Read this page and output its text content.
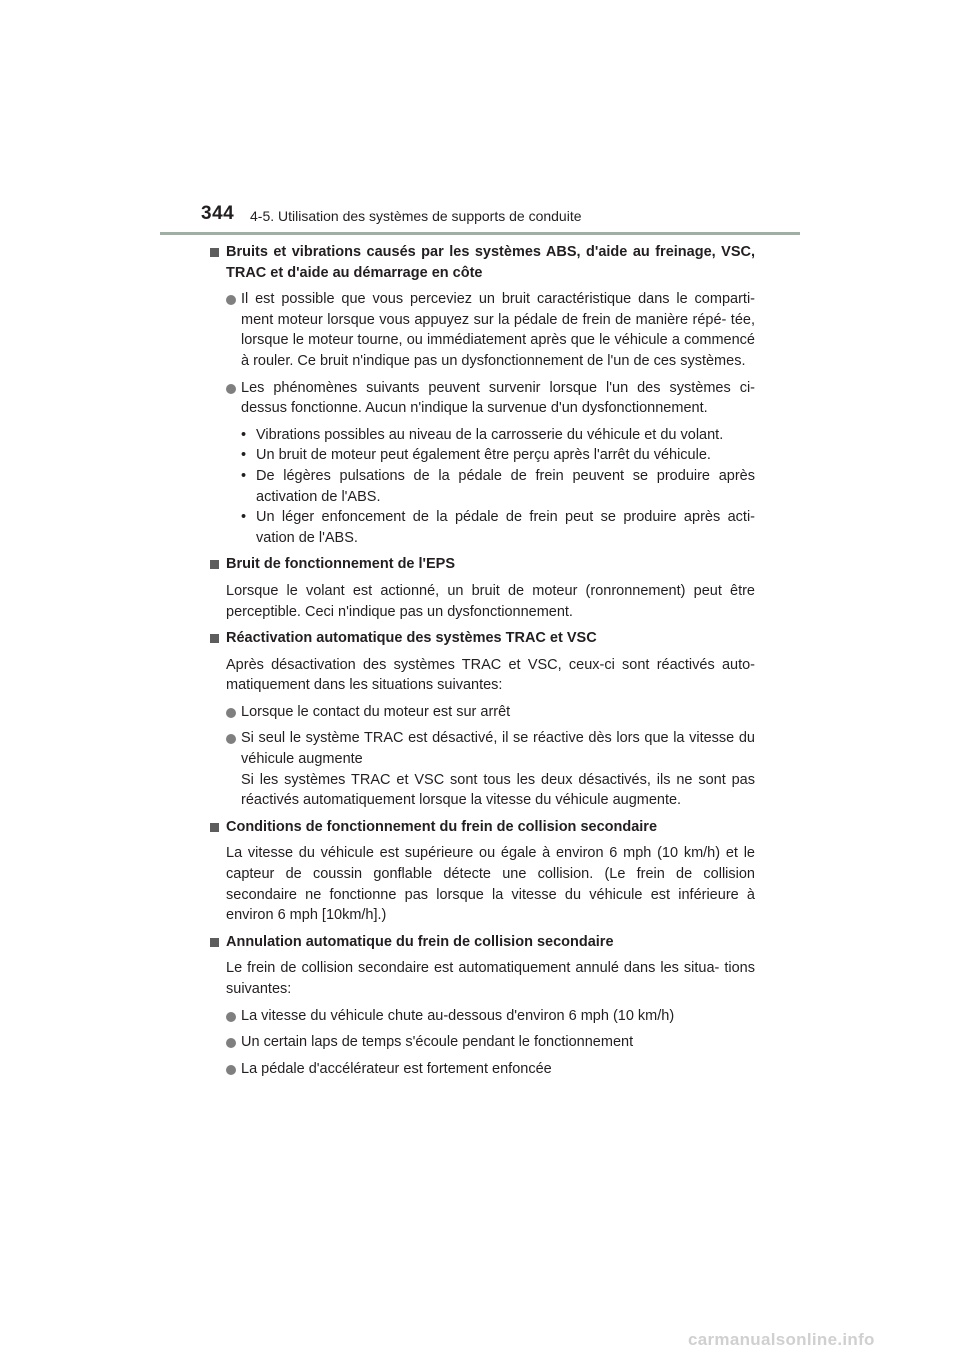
344 4-5. Utilisation des systèmes de supports de conduite
Bruits et vibrations causés par les systèmes ABS, d'aide au freinage, VSC, TRAC et d'aide au démarrage en côte
Il est possible que vous perceviez un bruit caractéristique dans le comparti- ment moteur lorsque vous appuyez sur la pédale de frein de manière répé- tée, lorsque le moteur tourne, ou immédiatement après que le véhicule a commencé à rouler. Ce bruit n'indique pas un dysfonctionnement de l'un de ces systèmes.
Les phénomènes suivants peuvent survenir lorsque l'un des systèmes ci- dessus fonctionne. Aucun n'indique la survenue d'un dysfonctionnement.
• Vibrations possibles au niveau de la carrosserie du véhicule et du volant.
• Un bruit de moteur peut également être perçu après l'arrêt du véhicule.
• De légères pulsations de la pédale de frein peuvent se produire après activation de l'ABS.
• Un léger enfoncement de la pédale de frein peut se produire après acti- vation de l'ABS.
Bruit de fonctionnement de l'EPS
Lorsque le volant est actionné, un bruit de moteur (ronronnement) peut être perceptible. Ceci n'indique pas un dysfonctionnement.
Réactivation automatique des systèmes TRAC et VSC
Après désactivation des systèmes TRAC et VSC, ceux-ci sont réactivés auto- matiquement dans les situations suivantes:
Lorsque le contact du moteur est sur arrêt
Si seul le système TRAC est désactivé, il se réactive dès lors que la vitesse du véhicule augmente
Si les systèmes TRAC et VSC sont tous les deux désactivés, ils ne sont pas réactivés automatiquement lorsque la vitesse du véhicule augmente.
Conditions de fonctionnement du frein de collision secondaire
La vitesse du véhicule est supérieure ou égale à environ 6 mph (10 km/h) et le capteur de coussin gonflable détecte une collision. (Le frein de collision secondaire ne fonctionne pas lorsque la vitesse du véhicule est inférieure à environ 6 mph [10km/h].)
Annulation automatique du frein de collision secondaire
Le frein de collision secondaire est automatiquement annulé dans les situa- tions suivantes:
La vitesse du véhicule chute au-dessous d'environ 6 mph (10 km/h)
Un certain laps de temps s'écoule pendant le fonctionnement
La pédale d'accélérateur est fortement enfoncée
carmanualsonline.info
